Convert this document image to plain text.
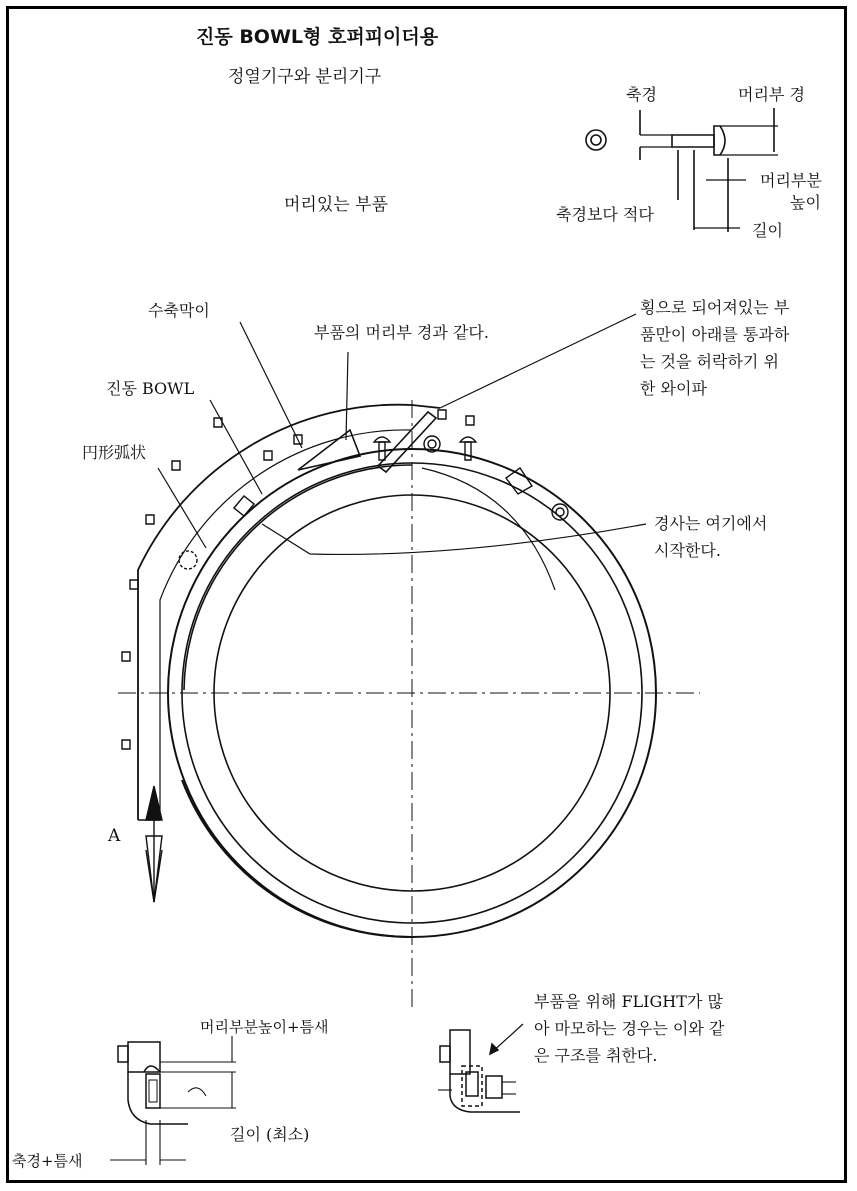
진동 BOWL형 호퍼피이더용
정열기구와 분리기구
머리있는 부품
축경	머리부 경
머리부분
높이
축경보다 적다
길이
수축막이
부품의 머리부 경과 같다.
횡으로 되어져있는 부
품만이 아래를 통과하
는 것을 허락하기 위
한 와이파
진동 BOWL
円形弧状
경사는 여기에서
시작한다.
A
머리부분높이+틈새
길이 (최소)
축경+틈새
부품을 위해 FLIGHT가 많
아 마모하는 경우는 이와 같
은 구조를 취한다.
